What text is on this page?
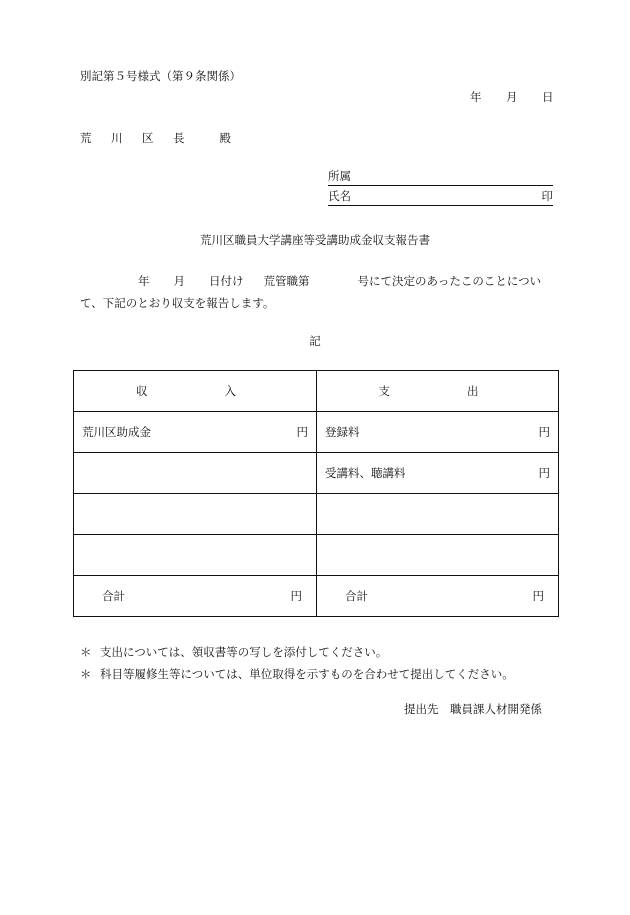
別記第５号様式（第９条関係）
年 月 日
荒　川　区　長　　殿
所属
氏名	印
荒川区職員大学講座等受講助成金収支報告書
年 月 日付け 荒管職第	号にて決定のあったこのことについ
て、下記のとおり収支を報告します。
記
収　　入	支　　出

荒川区助成金 円	登録料 円

	受講料、聴講料 円

合計 円	合計 円
＊ 支出については、領収書等の写しを添付してください。
＊ 科目等履修生等については、単位取得を示すものを合わせて提出してください。
提出先　職員課人材開発係
